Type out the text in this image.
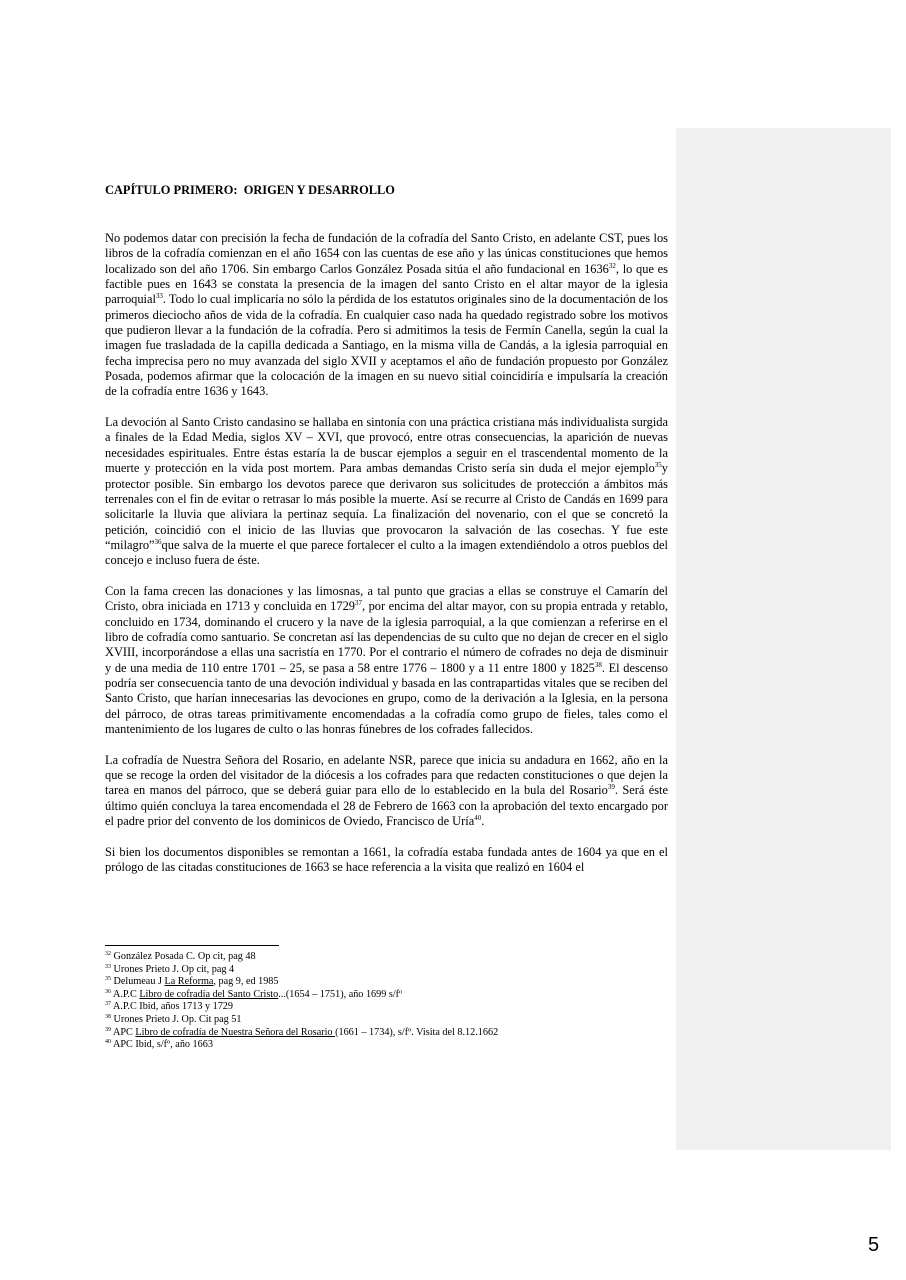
CAPÍTULO PRIMERO:  ORIGEN Y DESARROLLO

No podemos datar con precisión la fecha de fundación de la cofradía del Santo Cristo, en adelante CST, pues los libros de la cofradía comienzan en el año 1654 con las cuentas de ese año y las únicas constituciones que hemos localizado son del año 1706. Sin embargo Carlos González Posada sitúa el año fundacional en 1636$^{32}$, lo que es factible pues en 1643 se constata la presencia de la imagen del santo Cristo en el altar mayor de la iglesia parroquial$^{33}$. Todo lo cual implicaría no sólo la pérdida de los estatutos originales sino de la documentación de los primeros dieciocho años de vida de la cofradía. En cualquier caso nada ha quedado registrado sobre los motivos que pudieron llevar a la fundación de la cofradía. Pero si admitimos la tesis de Fermín Canella, según la cual la imagen fue trasladada de la capilla dedicada a Santiago, en la misma villa de Candás, a la iglesia parroquial en fecha imprecisa pero no muy avanzada del siglo XVII y aceptamos el año de fundación propuesto por González Posada, podemos afirmar que la colocación de la imagen en su nuevo sitial coincidiría e impulsaría la creación de la cofradía entre 1636 y 1643.

La devoción al Santo Cristo candasino se hallaba en sintonía con una práctica cristiana más individualista surgida a finales de la Edad Media, siglos XV – XVI, que provocó, entre otras consecuencias, la aparición de nuevas necesidades espirituales. Entre éstas estaría la de buscar ejemplos a seguir en el trascendental momento de la muerte y protección en la vida post mortem. Para ambas demandas Cristo sería sin duda el mejor ejemplo$^{35}$y protector posible. Sin embargo los devotos parece que derivaron sus solicitudes de protección a ámbitos más terrenales con el fin de evitar o retrasar lo más posible la muerte. Así se recurre al Cristo de Candás en 1699 para solicitarle la lluvia que aliviara la pertinaz sequía. La finalización del novenario, con el que se concretó la petición, coincidió con el inicio de las lluvias que provocaron la salvación de las cosechas. Y fue este “milagro”$^{36}$que salva de la muerte el que parece fortalecer el culto a la imagen extendiéndolo a otros pueblos del concejo e incluso fuera de éste.

Con la fama crecen las donaciones y las limosnas, a tal punto que gracias a ellas se construye el Camarín del Cristo, obra iniciada en 1713 y concluida en 1729$^{37}$, por encima del altar mayor, con su propia entrada y retablo, concluido en 1734, dominando el crucero y la nave de la iglesia parroquial, a la que comienzan a referirse en el libro de cofradía como santuario. Se concretan así las dependencias de su culto que no dejan de crecer en el siglo XVIII, incorporándose a ellas una sacristía en 1770. Por el contrario el número de cofrades no deja de disminuir y de una media de 110 entre 1701 – 25, se pasa a 58 entre 1776 – 1800 y a 11 entre 1800 y 1825$^{38}$. El descenso podría ser consecuencia tanto de una devoción individual y basada en las contrapartidas vitales que se reciben del Santo Cristo, que harían innecesarias las devociones en grupo, como de la derivación a la Iglesia, en la persona del párroco, de otras tareas primitivamente encomendadas a la cofradía como grupo de fieles, tales como el mantenimiento de los lugares de culto o las honras fúnebres de los cofrades fallecidos.

La cofradía de Nuestra Señora del Rosario, en adelante NSR, parece que inicia su andadura en 1662, año en la que se recoge la orden del visitador de la diócesis a los cofrades para que redacten constituciones o que dejen la tarea en manos del párroco, que se deberá guiar para ello de lo establecido en la bula del Rosario$^{39}$. Será éste último quién concluya la tarea encomendada el 28 de Febrero de 1663 con la aprobación del texto encargado por el padre prior del convento de los dominicos de Oviedo, Francisco de Uría$^{40}$.

Si bien los documentos disponibles se remontan a 1661, la cofradía estaba fundada antes de 1604 ya que en el prólogo de las citadas constituciones de 1663 se hace referencia a la visita que realizó en 1604 el

$^{32}$ González Posada C. Op cit, pag 48
$^{33}$ Urones Prieto J. Op cit, pag 4
$^{35}$ Delumeau J La Reforma, pag 9, ed 1985
$^{36}$ A.P.C Libro de cofradía del Santo Cristo...(1654 – 1751), año 1699 s/fº
$^{37}$ A.P.C Ibid, años 1713 y 1729
$^{38}$ Urones Prieto J. Op. Cit pag 51
$^{39}$ APC Libro de cofradía de Nuestra Señora del Rosario (1661 – 1734), s/fº. Visita del 8.12.1662
$^{40}$ APC Ibid, s/fº, año 1663
5
